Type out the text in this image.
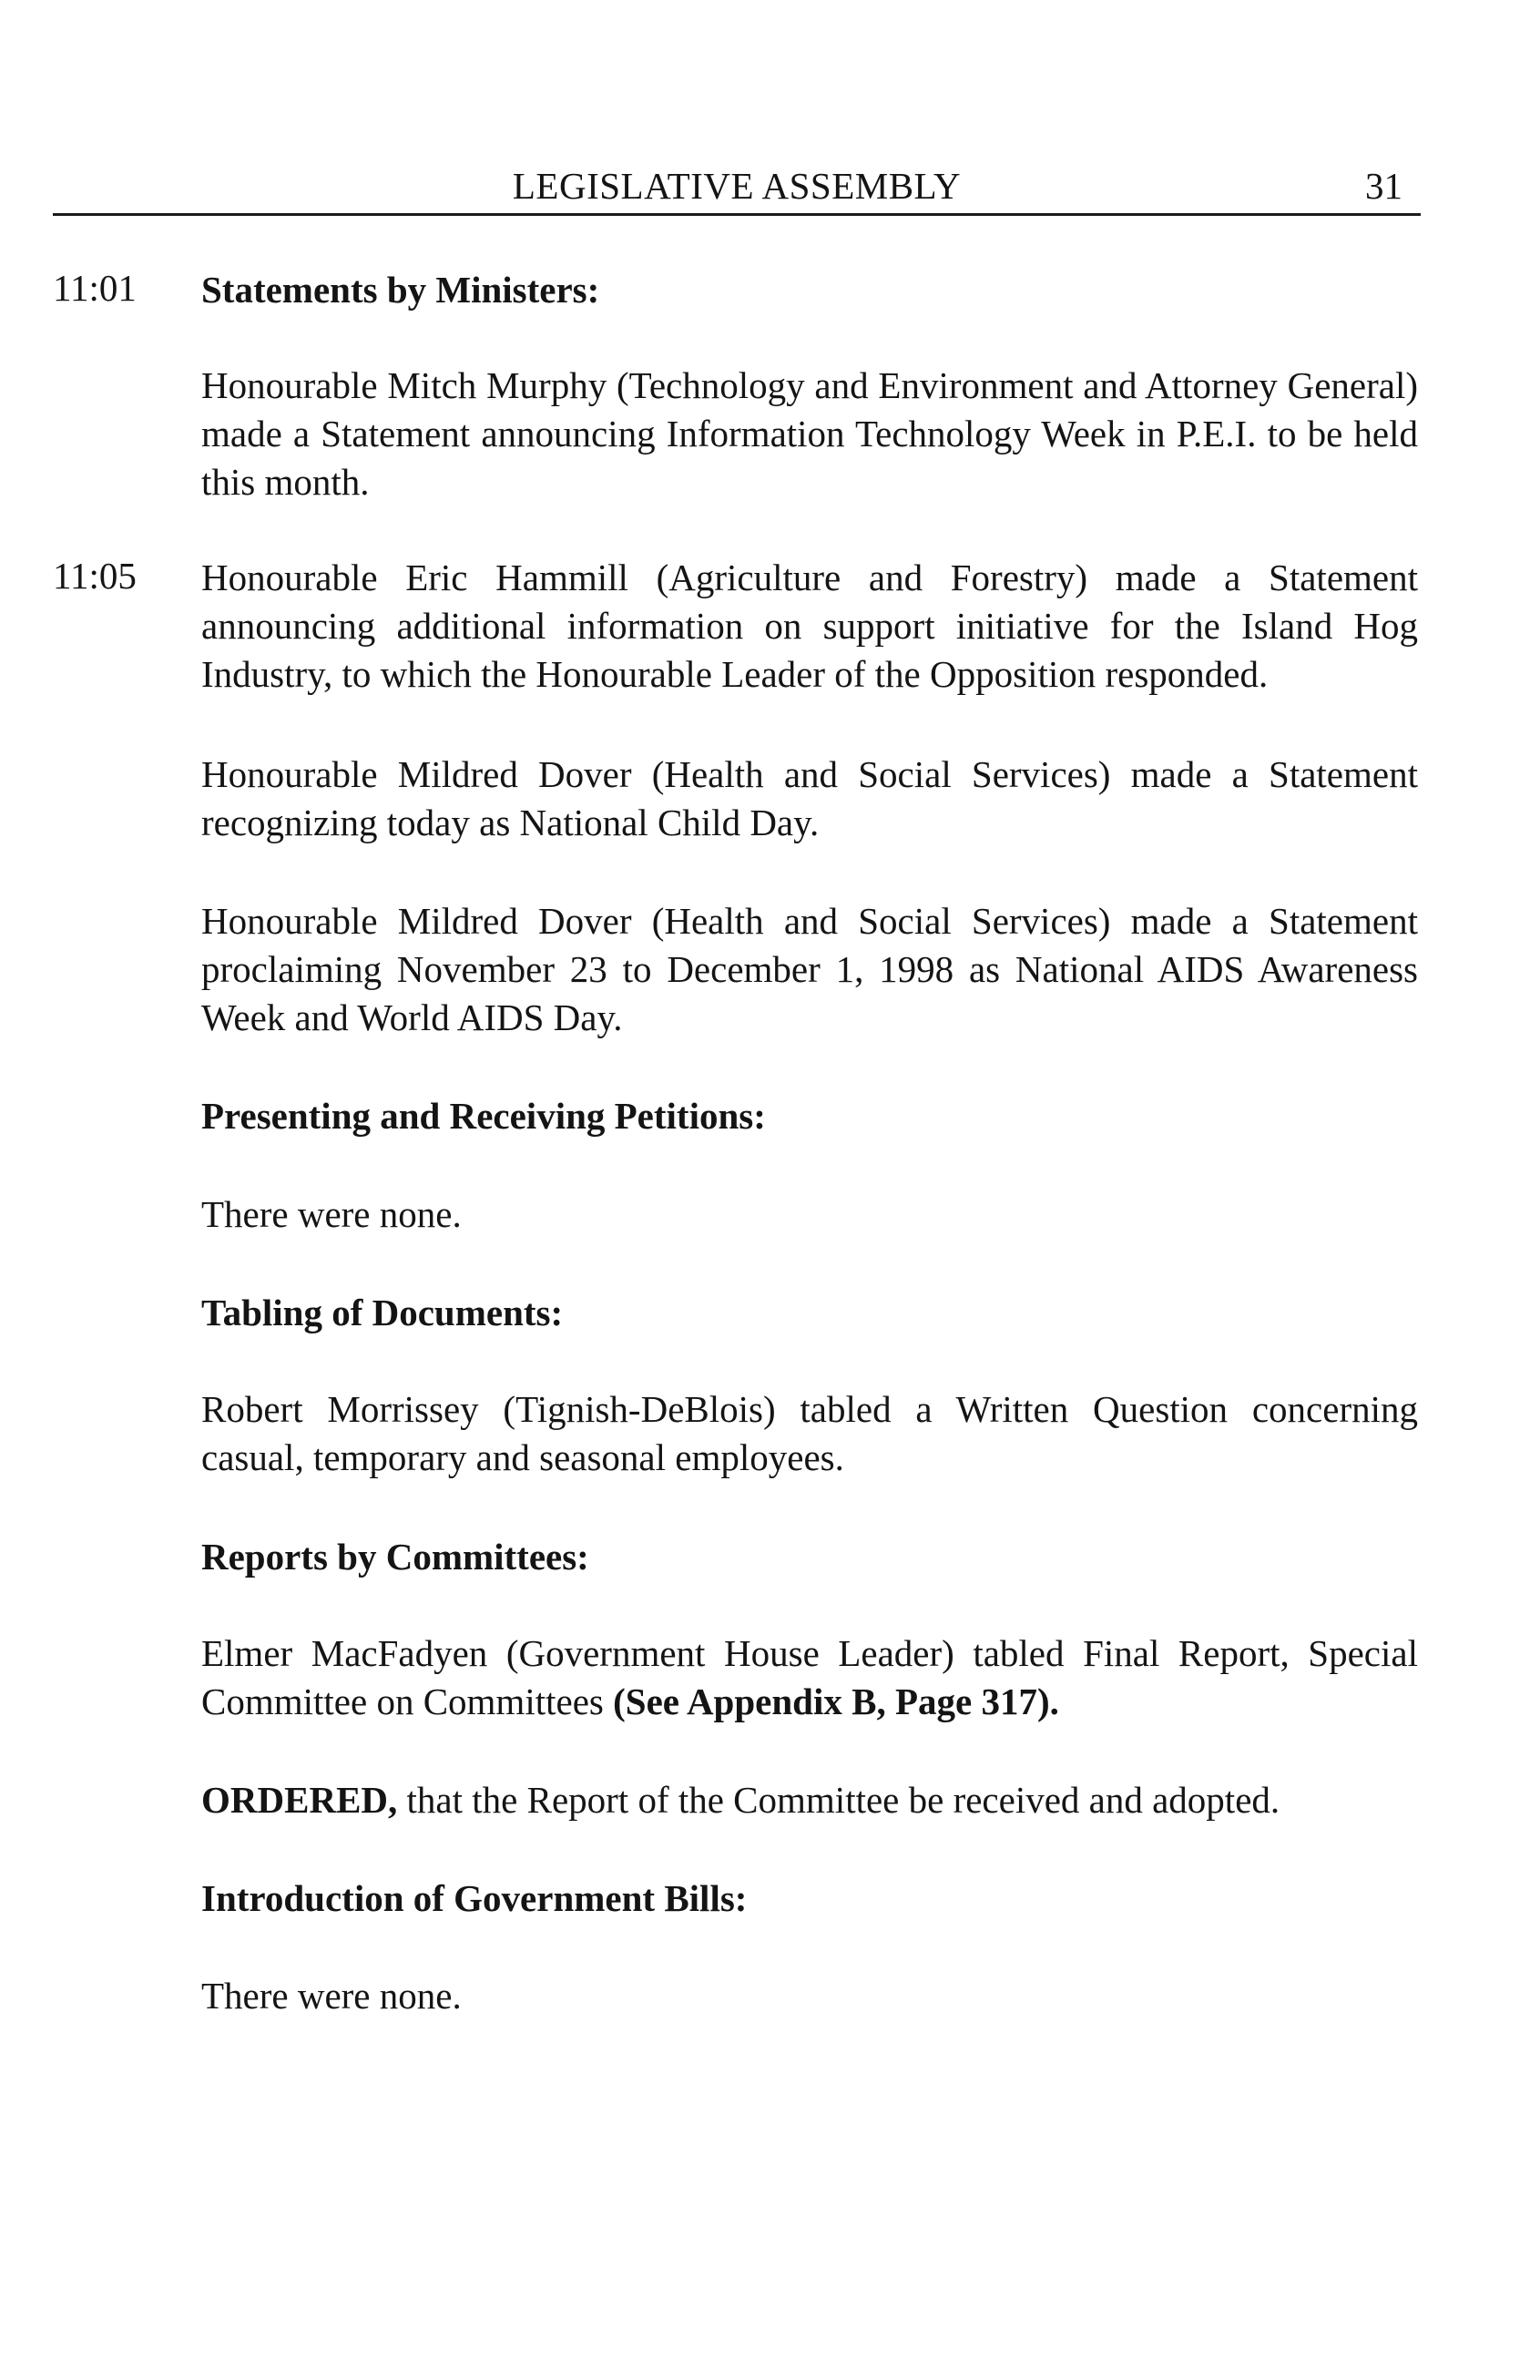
LEGISLATIVE ASSEMBLY	31
11:01 Statements by Ministers:
Honourable Mitch Murphy (Technology and Environment and Attorney General) made a Statement announcing Information Technology Week in P.E.I. to be held this month.
11:05 Honourable Eric Hammill (Agriculture and Forestry) made a Statement announcing additional information on support initiative for the Island Hog Industry, to which the Honourable Leader of the Opposition responded.
Honourable Mildred Dover (Health and Social Services) made a Statement recognizing today as National Child Day.
Honourable Mildred Dover (Health and Social Services) made a Statement proclaiming November 23 to December 1, 1998 as National AIDS Awareness Week and World AIDS Day.
Presenting and Receiving Petitions:
There were none.
Tabling of Documents:
Robert Morrissey (Tignish-DeBlois) tabled a Written Question concerning casual, temporary and seasonal employees.
Reports by Committees:
Elmer MacFadyen (Government House Leader) tabled Final Report, Special Committee on Committees (See Appendix B, Page 317).
ORDERED, that the Report of the Committee be received and adopted.
Introduction of Government Bills:
There were none.
